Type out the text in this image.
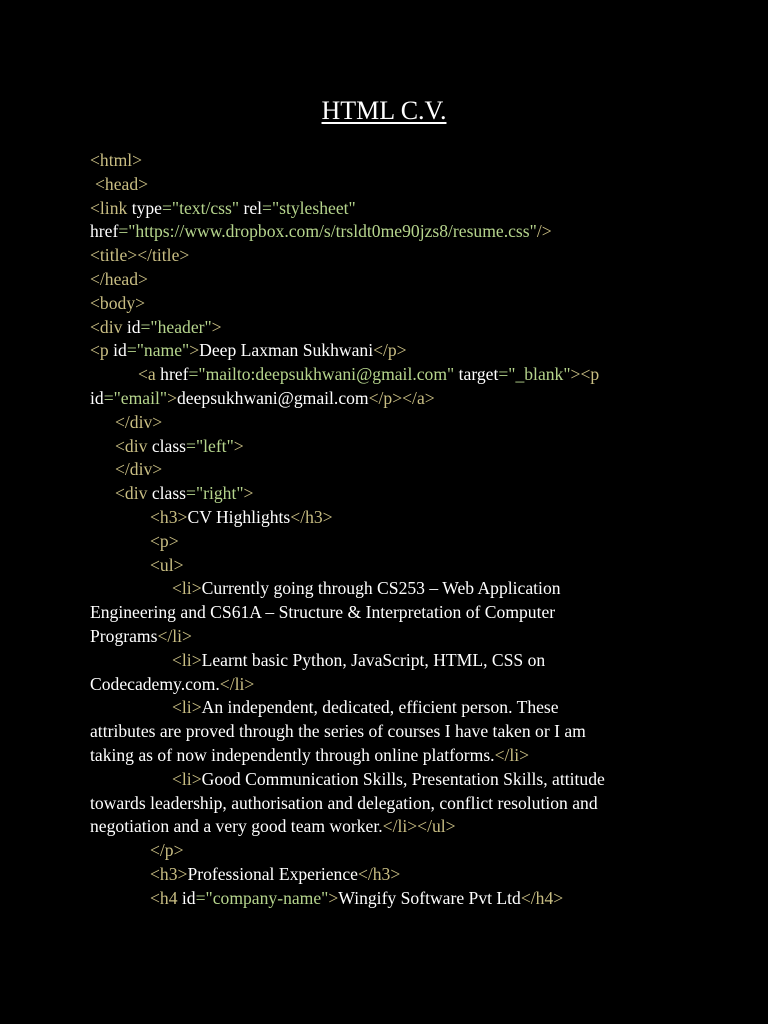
HTML C.V.
<html>
<head>
<link type="text/css" rel="stylesheet"
href="https://www.dropbox.com/s/trsldt0me90jzs8/resume.css"/>
<title></title>
</head>
<body>
<div id="header">
<p id="name">Deep Laxman Sukhwani</p>
<a href="mailto:deepsukhwani@gmail.com" target="_blank"><p
id="email">deepsukhwani@gmail.com</p></a>
</div>
<div class="left">
</div>
<div class="right">
<h3>CV Highlights</h3>
<p>
<ul>
<li>Currently going through CS253 – Web Application
Engineering and CS61A – Structure & Interpretation of Computer
Programs</li>
<li>Learnt basic Python, JavaScript, HTML, CSS on
Codecademy.com.</li>
<li>An independent, dedicated, efficient person. These
attributes are proved through the series of courses I have taken or I am
taking as of now independently through online platforms.</li>
<li>Good Communication Skills, Presentation Skills, attitude
towards leadership, authorisation and delegation, conflict resolution and
negotiation and a very good team worker.</li></ul>
</p>
<h3>Professional Experience</h3>
<h4 id="company-name">Wingify Software Pvt Ltd</h4>
